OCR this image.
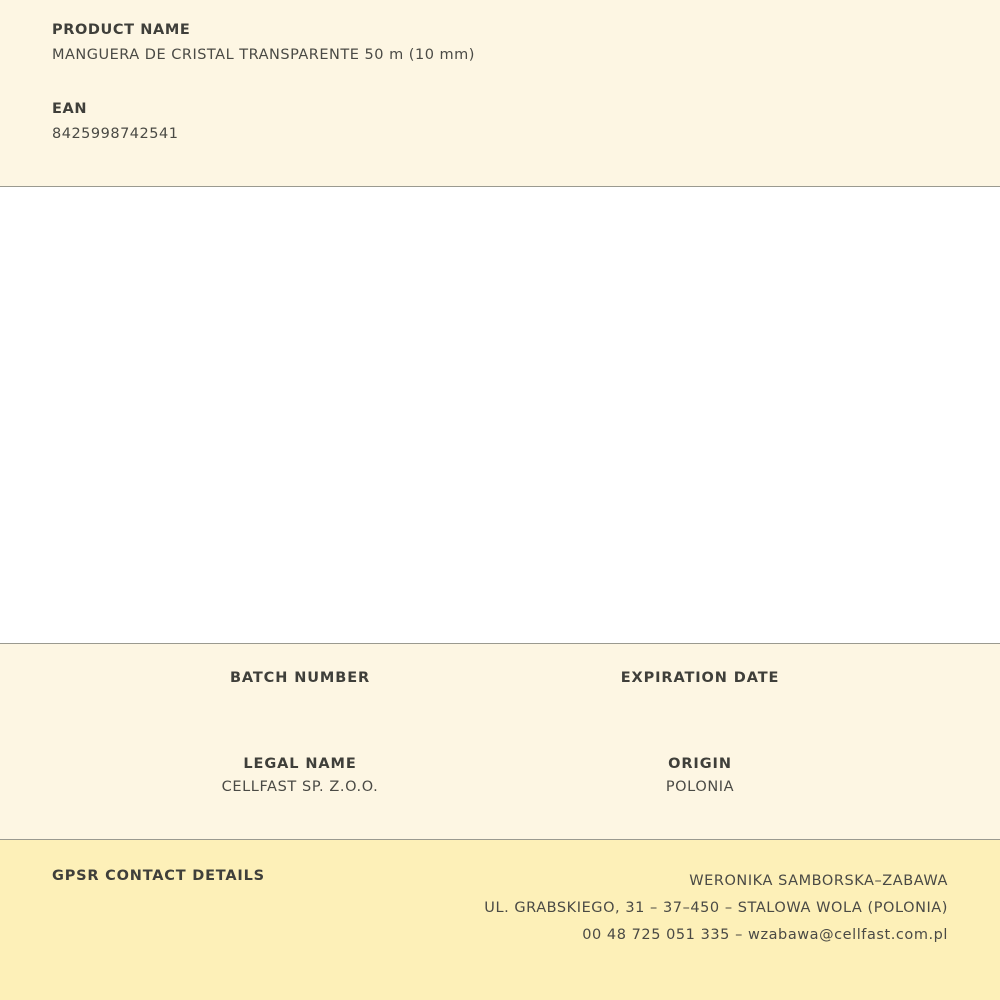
PRODUCT NAME

MANGUERA DE CRISTAL TRANSPARENTE 50 m (10 mm)

EAN

8425998742541

BATCH NUMBER	EXPIRATION DATE

LEGAL NAME

CELLFAST SP. Z.O.O.

ORIGIN

POLONIA

GPSR CONTACT DETAILS	WERONIKA SAMBORSKA–ZABAWA
UL. GRABSKIEGO, 31 – 37–450 – STALOWA WOLA (POLONIA)
00 48 725 051 335 – wzabawa@cellfast.com.pl
